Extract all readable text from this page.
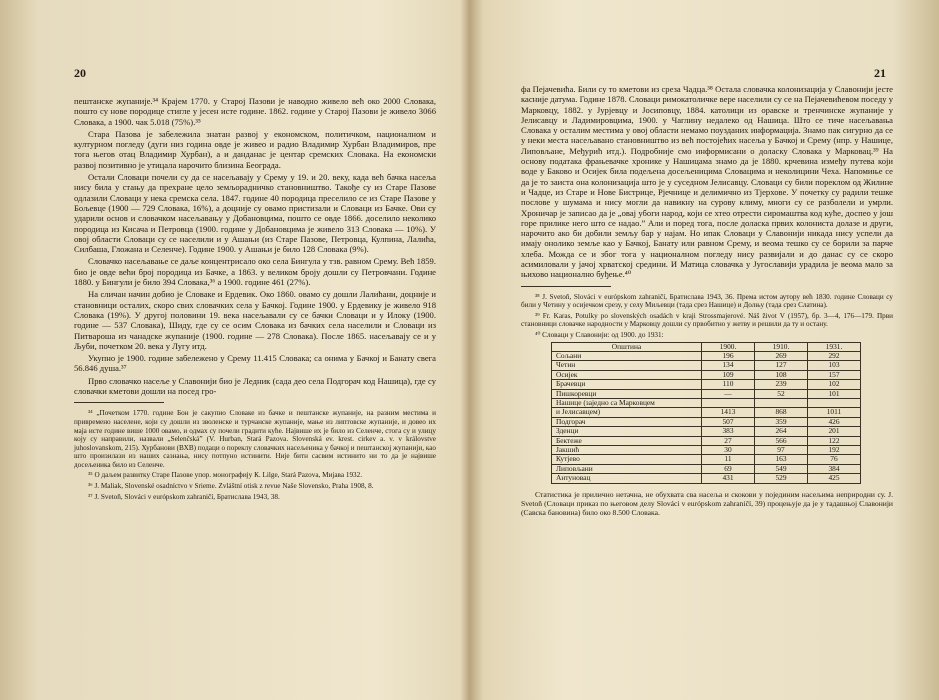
20

пештанске жупаније.³⁴ Крајем 1770. у Старој Пазови је наводно живело већ око 2000 Словака, пошто су нове породице стигле у јесен исте године. 1862. године у Старој Пазови је живело 3066 Словака, а 1900. чак 5.018 (75%).³⁵

Стара Пазова је забележила знатан развој у економском, политичком, националном и културном погледу (дуги низ година овде је живео и радио Владимир Хурбан Владимиров, пре тога његов отац Владимир Хурбан), а и данданас је центар сремских Словака. На економски развој позитивно је утицала нарочито близина Београда.

Остали Словаци почели су да се насељавају у Срему у 19. и 20. веку, када већ бачка насеља нису била у стању да прехране цело земљорадничко становништво. Такође су из Старе Пазове одлазили Словаци у нека сремска села. 1847. године 40 породица преселило се из Старе Пазове у Бољевце (1900 — 729 Словака, 16%), а доцније су овамо пристизали и Словаци из Бачке. Ови су ударили основ и словачком насељавању у Добановцима, пошто се овде 1866. доселило неколико породица из Кисача и Петровца (1900. године у Добановцима је живело 313 Словака — 10%). У овој области Словаци су се населили и у Ашањи (из Старе Пазове, Петровца, Кулпина, Лалића, Силбаша, Гложана и Селенче). Године 1900. у Ашањи је било 128 Словака (9%).

Словачко насељавање се даље концентрисало око села Бингула у тзв. равном Срему. Већ 1859. био је овде већи број породица из Бачке, а 1863. у великом броју дошли су Петровчани. Године 1880. у Бингули је било 394 Словака,³⁶ а 1900. године 461 (27%).

На сличан начин добио је Словаке и Ердевик. Око 1860. овамо су дошли Лалићани, доцније и становници осталих, скоро свих словачких села у Бачкој. Године 1900. у Ердевику је живело 918 Словака (19%). У другој половини 19. века насељавали су се бачки Словаци и у Илоку (1900. године — 537 Словака), Шиду, где су се осим Словака из бачких села населили и Словаци из Питвароша из чанадске жупаније (1900. године — 278 Словака). После 1865. насељавају се и у Љуби, почетком 20. века у Лугу итд.

Укупно је 1900. године забележено у Срему 11.415 Словака; са онима у Бачкој и Банату свега 56.846 душа.³⁷

Прво словачко насеље у Славонији био је Ледник (сада део села Подгорач код Нашица), где су словачки кметови дошли на посед гро-

³⁴ „Почетком 1770. године Бон је сакупио Словаке из бачке и пештанске жупаније, на разним местима и привремено населене, који су дошли из зволенске и турчанске жупаније, мање из липтовске жупаније, и довео их маја исте године више 1000 овамо, и одмах су почели градити куће. Највише их је било из Селенче, стога су и улицу коју су направили, назвали „Selenčská” (V. Hurban, Stará Pazova. Slovenská ev. krest. cirkev a. v. v královstve juhoslovanskom, 215). Хурбанови (ВХВ) подаци о пореклу словачких насељеника у бачкој и пештанској жупанији, као што произилази из наших сазнања, нису потпуно истинити. Није битн сасвим истинито ни то да је највише досељеника било из Селенче.

³⁵ О даљем развитку Старе Пазове упор. монографију К. Lilge, Stará Pazova, Мијава 1932.

³⁶ J. Maliak, Slovenské osadníctvo v Srieme. Zvláštní otisk z revue Naše Slovensko, Praha 1908, 8.

³⁷ J. Svetoň, Slováci v európskom zahraničí, Братислава 1943, 38.

21

фа Пејачевића. Били су то кметови из среза Чадца.³⁸ Остала словачка колонизација у Славонији јесте касније датума. Године 1878. Словаци римокатоличке вере населили су се на Пејачевићевом поседу у Марковцу, 1882. у Јурјевцу и Јосиповцу, 1884. католици из оравске и тренчинске жупаније у Јелисавцу и Ладимировцима, 1900. у Чаглину недалеко од Нашица. Што се тиче насељавања Словака у осталим местима у овој области немамо поузданих информација. Знамо пак сигурно да се у неки места насељавано становништво из већ постојећих насеља у Бачкој и Срему (нпр. у Нашице, Липовљане, Међурић итд.). Подробније смо информисани о доласку Словака у Марковац.³⁹ На основу података фрањевачке хронике у Нашицама знамо да је 1880. крчевина између путева који воде у Баково и Осијек била подељена досељеницима Словацима и неколицини Чеха. Напомиње се да је то заиста она колонизација што је у суседном Јелисавцу. Словаци су били пореклом од Жилине и Чадце, из Старе и Нове Бистрице, Рјечнице и делимично из Тјерхове. У почетку су радили тешке послове у шумама и нису могли да навикну на сурову климу, многи су се разболели и умрли. Хроничар је записао да је „овај убоги народ, који се хтео отрести сиромаштва код куће, доспео у још горе прилике него што се надао.” Али и поред тога, после доласка првих колониста долазе и други, нарочито ако би добили земљу бар у најам. Но ипак Словаци у Славонији никада нису успели да имају онолико земље као у Бачкој, Банату или равном Срему, и веома тешко су се борили за парче хлеба. Можда се и због тога у националном погледу нису развијали и до данас су се скоро асимиловали у јачој хрватској средини. И Матица словачка у Југославији урадила је веома мало за њихово национално буђење.⁴⁰

³⁸ J. Svetoň, Slováci v európskom zahraničí, Братислава 1943, 36. Према истом аутору већ 1830. године Словаци су били у Четину у осијечком срезу, у селу Миљевци (тада срез Нашице) и Долњу (тада срез Слатина).

³⁹ Fr. Karas, Potulky po slovenských osadách v kraji Strossmajerové. Náš život V (1957), бр. 3—4, 176—179. Први становници словачке народности у Марковцу дошли су првобитно у жетву и решили да ту и остану.

⁴⁰ Словаци у Славонији: од 1900. до 1931:

Општина	1900.	1910.	1931.
Сољани	196	269	292
Четин	134	127	103
Осијек	109	108	157
Брачевци	110	239	102
Пишкоревци	—	52	101
Нашице (заједно са Марковцем			
и Јелисавцем)	1413	868	1011
Подгорач	507	359	426
Зденци	383	264	201
Бектеже	27	566	122
Јакшић	30	97	192
Кутјево	11	163	76
Липовљани	69	549	384
Антуновац	431	529	425

Статистика је прилично нетачна, не обухвата сва насеља и скокови у појединим насељима неприродни су. J. Svetoň (Словаци приказ по његовом делу Slováci v európskom zahraničí, 39) процењује да је у тадашњој Славонији (Савска бановина) било око 8.500 Словака.
